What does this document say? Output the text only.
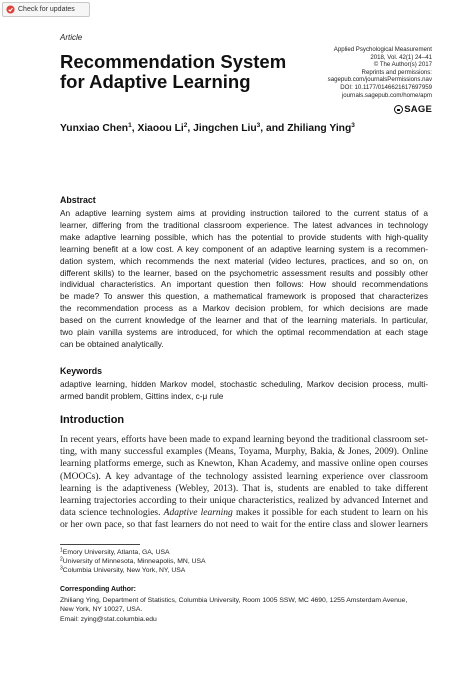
Check for updates
Article
Recommendation System
for Adaptive Learning
Applied Psychological Measurement
2018, Vol. 42(1) 24–41
© The Author(s) 2017
Reprints and permissions:
sagepub.com/journalsPermissions.nav
DOI: 10.1177/0146621617697959
journals.sagepub.com/home/apm
SAGE
Yunxiao Chen$^1$, Xiaoou Li$^2$, Jingchen Liu$^3$, and Zhiliang Ying$^3$
Abstract
An adaptive learning system aims at providing instruction tailored to the current status of a
learner, differing from the traditional classroom experience. The latest advances in technology
make adaptive learning possible, which has the potential to provide students with high-quality
learning benefit at a low cost. A key component of an adaptive learning system is a recommen-
dation system, which recommends the next material (video lectures, practices, and so on, on
different skills) to the learner, based on the psychometric assessment results and possibly other
individual characteristics. An important question then follows: How should recommendations
be made? To answer this question, a mathematical framework is proposed that characterizes
the recommendation process as a Markov decision problem, for which decisions are made
based on the current knowledge of the learner and that of the learning materials. In particular,
two plain vanilla systems are introduced, for which the optimal recommendation at each stage
can be obtained analytically.
Keywords
adaptive learning, hidden Markov model, stochastic scheduling, Markov decision process, multi-
armed bandit problem, Gittins index, c-μ rule
Introduction
In recent years, efforts have been made to expand learning beyond the traditional classroom set-
ting, with many successful examples (Means, Toyama, Murphy, Bakia, & Jones, 2009). Online
learning platforms emerge, such as Knewton, Khan Academy, and massive online open courses
(MOOCs). A key advantage of the technology assisted learning experience over classroom
learning is the adaptiveness (Webley, 2013). That is, students are enabled to take different
learning trajectories according to their unique characteristics, realized by advanced Internet and
data science technologies. Adaptive learning makes it possible for each student to learn on his
or her own pace, so that fast learners do not need to wait for the entire class and slower learners
$^1$Emory University, Atlanta, GA, USA
$^2$University of Minnesota, Minneapolis, MN, USA
$^3$Columbia University, New York, NY, USA
Corresponding Author:
Zhiliang Ying, Department of Statistics, Columbia University, Room 1005 SSW, MC 4690, 1255 Amsterdam Avenue,
New York, NY 10027, USA.
Email: zying@stat.columbia.edu
